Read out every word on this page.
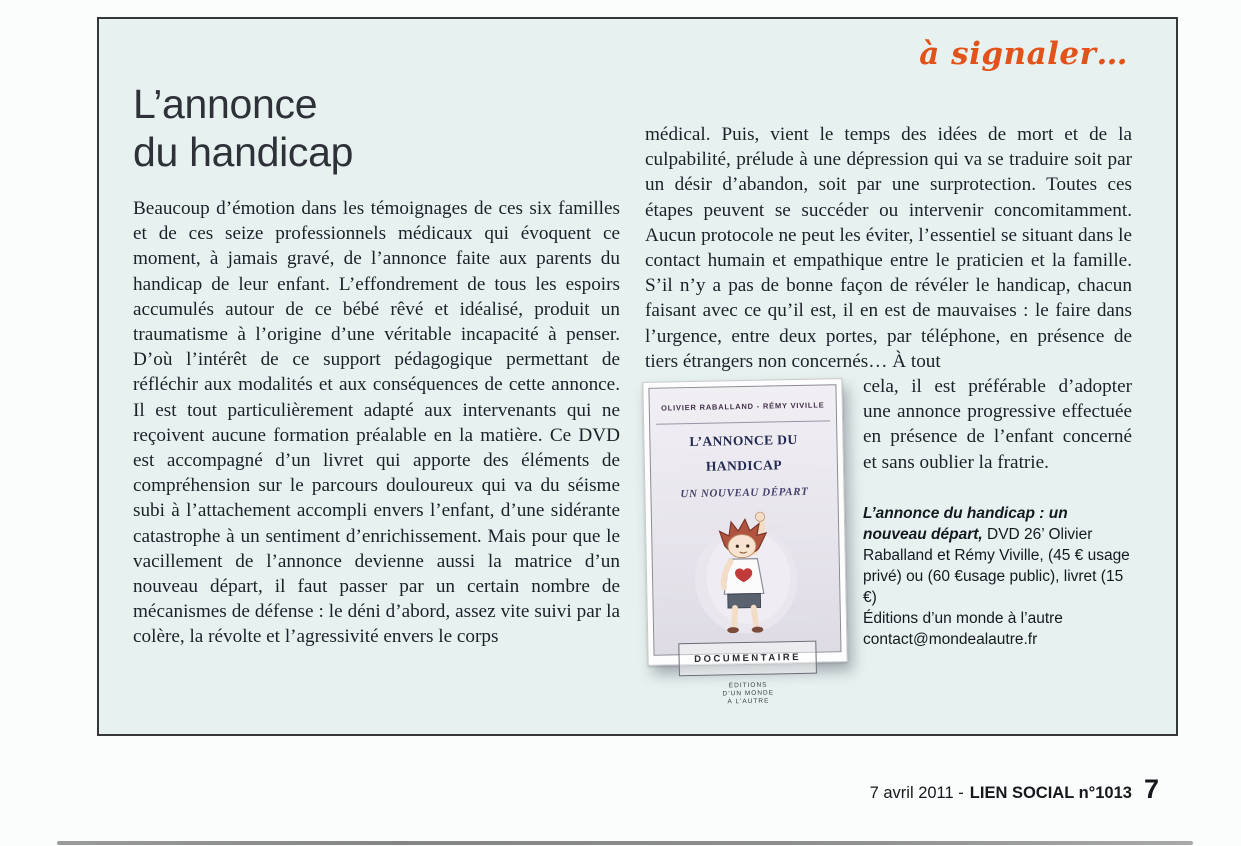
à signaler…
L’annonce
du handicap

Beaucoup d’émotion dans les témoignages de ces six familles et de ces seize professionnels médicaux qui évoquent ce moment, à jamais gravé, de l’annonce faite aux parents du handicap de leur enfant. L’effondrement de tous les espoirs accumulés autour de ce bébé rêvé et idéalisé, produit un traumatisme à l’origine d’une véritable incapacité à penser. D’où l’intérêt de ce support pédagogique permettant de réfléchir aux modalités et aux conséquences de cette annonce. Il est tout particulièrement adapté aux intervenants qui ne reçoivent aucune formation préalable en la matière. Ce DVD est accompagné d’un livret qui apporte des éléments de compréhension sur le parcours douloureux qui va du séisme subi à l’attachement accompli envers l’enfant, d’une sidérante catastrophe à un sentiment d’enrichissement. Mais pour que le vacillement de l’annonce devienne aussi la matrice d’un nouveau départ, il faut passer par un certain nombre de mécanismes de défense : le déni d’abord, assez vite suivi par la colère, la révolte et l’agressivité envers le corps

médical. Puis, vient le temps des idées de mort et de la culpabilité, prélude à une dépression qui va se traduire soit par un désir d’abandon, soit par une surprotection. Toutes ces étapes peuvent se succéder ou intervenir concomitamment. Aucun protocole ne peut les éviter, l’essentiel se situant dans le contact humain et empathique entre le praticien et la famille. S’il n’y a pas de bonne façon de révéler le handicap, chacun faisant avec ce qu’il est, il en est de mauvaises : le faire dans l’urgence, entre deux portes, par téléphone, en présence de tiers étrangers non concernés… À tout

OLIVIER RABALLAND - RÉMY VIVILLE
L’ANNONCE DU HANDICAP
UN NOUVEAU DÉPART
DOCUMENTAIRE
ÉDITIONS
D’UN MONDE
À L’AUTRE

cela, il est préférable d’adopter une annonce progressive effectuée en présence de l’enfant concerné et sans oublier la fratrie.

L’annonce du handicap : un nouveau départ, DVD 26’ Olivier Raballand et Rémy Viville, (45 € usage privé) ou (60 €usage public), livret (15 €)
Éditions d’un monde à l’autre
contact@mondealautre.fr
7 avril 2011 - LIEN SOCIAL n°1013 7
